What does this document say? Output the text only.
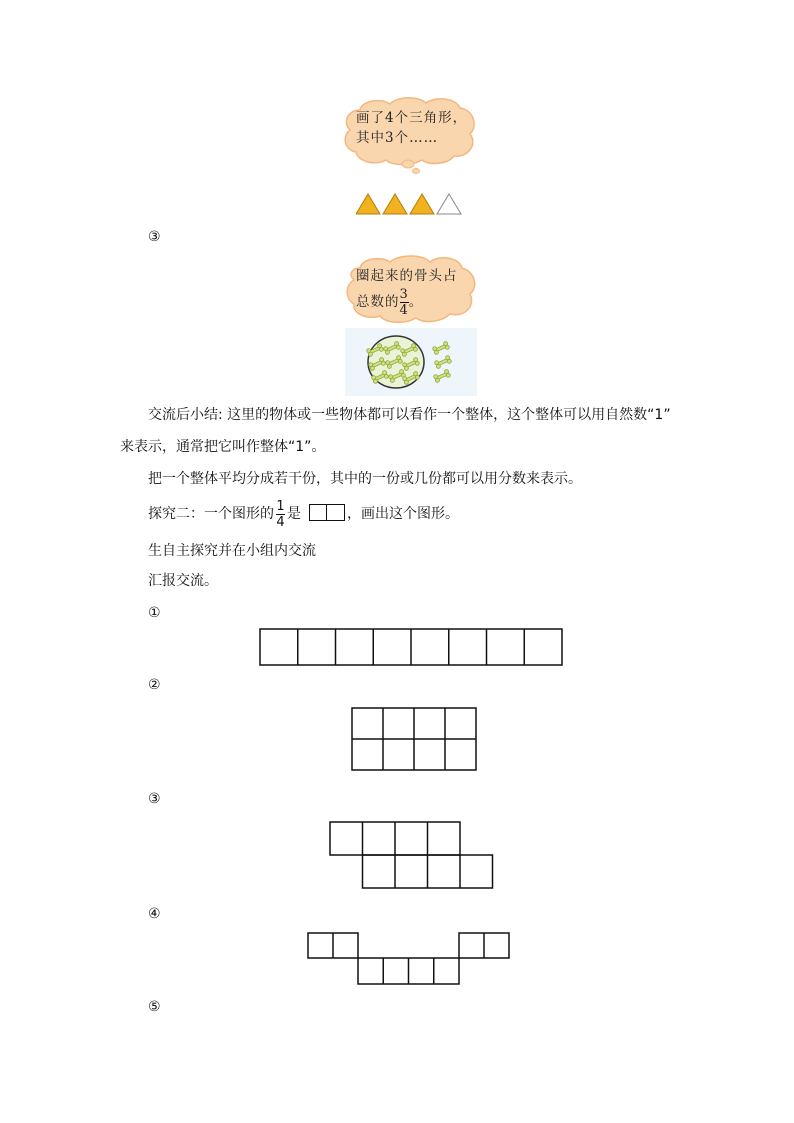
画了4个三角形，
其中3个……
③
圈起来的骨头占
总数的 $\frac{3}{4}$ 。
交流后小结: 这里的物体或一些物体都可以看作一个整体，这个整体可以用自然数“1”
来表示，通常把它叫作整体“1”。
把一个整体平均分成若干份，其中的一份或几份都可以用分数来表示。
探究二：一个图形的 $\frac{1}{4}$ 是	，画出这个图形。
生自主探究并在小组内交流
汇报交流。
①
②
③
④
⑤
